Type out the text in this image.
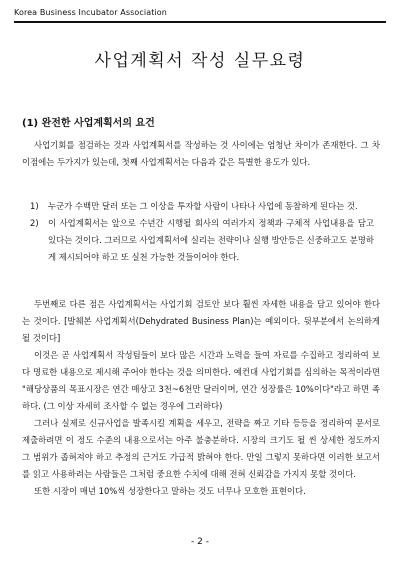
Korea Business Incubator Association
사업계획서 작성 실무요령
(1) 완전한 사업계획서의 요건

사업기회를 점검하는 것과 사업계획서를 작성하는 것 사이에는 엄청난 차이가 존재한다. 그 차이점에는 두가지가 있는데, 첫째 사업계획서는 다음과 같은 특별한 용도가 있다.

1)	누군가 수백만 달러 또는 그 이상을 투자할 사람이 나타나 사업에 동참하게 된다는 것.
2)	이 사업계획서는 앞으로 수년간 시행될 회사의 여러가지 정책과 구체적 사업내용을 담고 있다는 것이다. 그러므로 사업계획서에 실리는 전략이나 실행 방안등은 신중하고도 분명하게 제시되어야 하고 또 실천 가능한 것들이어야 한다.

두번째로 다른 점은 사업계획서는 사업기회 검토안 보다 훨씬 자세한 내용을 담고 있어야 한다는 것이다. [발췌본 사업계획서(Dehydrated Business Plan)는 예외이다. 뒷부분에서 논의하게 될 것이다]

이것은 곧 사업계획서 작성팀들이 보다 많은 시간과 노력을 들여 자료를 수집하고 정리하여 보다 명료한 내용으로 제시해 주어야 한다는 것을 의미한다. 예컨대 사업기회를 심의하는 목적이라면 "해당상품의 목표시장은 연간 매상고 3천~6천만 달러이며, 연간 성장률은 10%이다"라고 하면 족하다. (그 이상 자세히 조사할 수 없는 경우에 그러하다)

그러나 실제로 신규사업을 발족시킬 계획을 세우고, 전략을 짜고 기타 등등을 정리하여 문서로 제출하려면 이 정도 수준의 내용으로서는 아주 불충분하다. 시장의 크기도 될 씬 상세한 정도까지 그 범위가 좁혀져야 하고 추정의 근거도 가급적 밝혀야 한다. 만일 그렇지 못하다면 이러한 보고서를 읽고 사용하려는 사람들은 그처럼 중요한 수치에 대해 전혀 신뢰감을 가지지 못할 것이다.

또한 시장이 매년 10%씩 성장한다고 말하는 것도 너무나 모호한 표현이다.

- 2 -
